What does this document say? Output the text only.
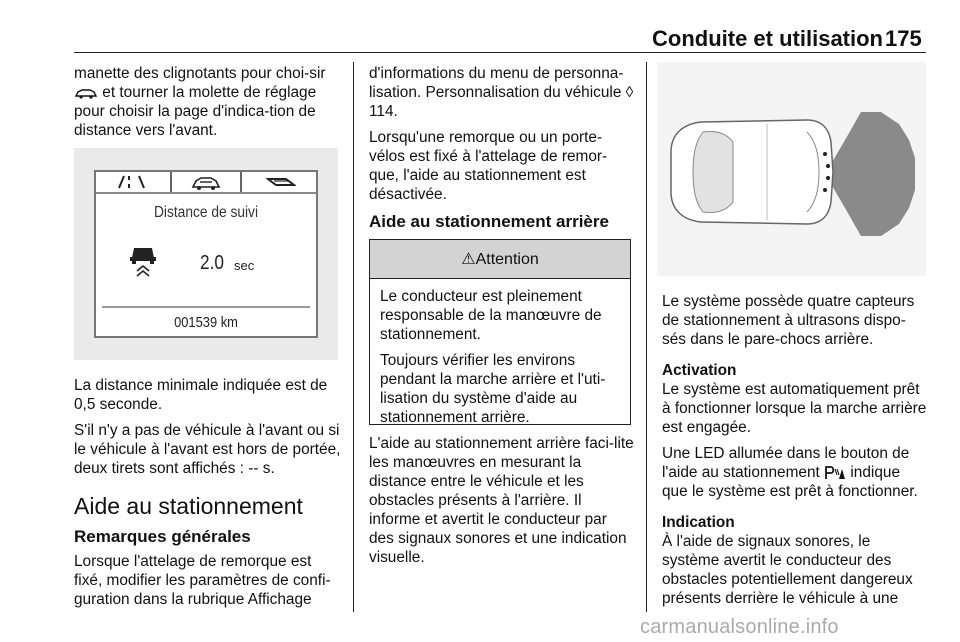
Conduite et utilisation 175

manette des clignotants pour choi-sir  et tourner la molette de réglage pour choisir la page d'indica-tion de distance vers l'avant.

Distance de suivi
2.0 sec
001539 km

La distance minimale indiquée est de 0,5 seconde.

S'il n'y a pas de véhicule à l'avant ou si le véhicule à l'avant est hors de portée, deux tirets sont affichés : -- s.

Aide au stationnement
Remarques générales

Lorsque l'attelage de remorque est fixé, modifier les paramètres de confi-guration dans la rubrique Affichage

d'informations du menu de personna-lisation. Personnalisation du véhicule ◊ 114.

Lorsqu'une remorque ou un porte-vélos est fixé à l'attelage de remor-que, l'aide au stationnement est désactivée.

Aide au stationnement arrière
⚠Attention

Le conducteur est pleinement responsable de la manœuvre de stationnement.

Toujours vérifier les environs pendant la marche arrière et l'uti-lisation du système d'aide au stationnement arrière.

L'aide au stationnement arrière faci-lite les manœuvres en mesurant la distance entre le véhicule et les obstacles présents à l'arrière. Il informe et avertit le conducteur par des signaux sonores et une indication visuelle.

Le système possède quatre capteurs de stationnement à ultrasons dispo-sés dans le pare-chocs arrière.

Activation

Le système est automatiquement prêt à fonctionner lorsque la marche arrière est engagée.

Une LED allumée dans le bouton de l'aide au stationnement indique que le système est prêt à fonctionner.

Indication

À l'aide de signaux sonores, le système avertit le conducteur des obstacles potentiellement dangereux présents derrière le véhicule à une

carmanualsonline.info
